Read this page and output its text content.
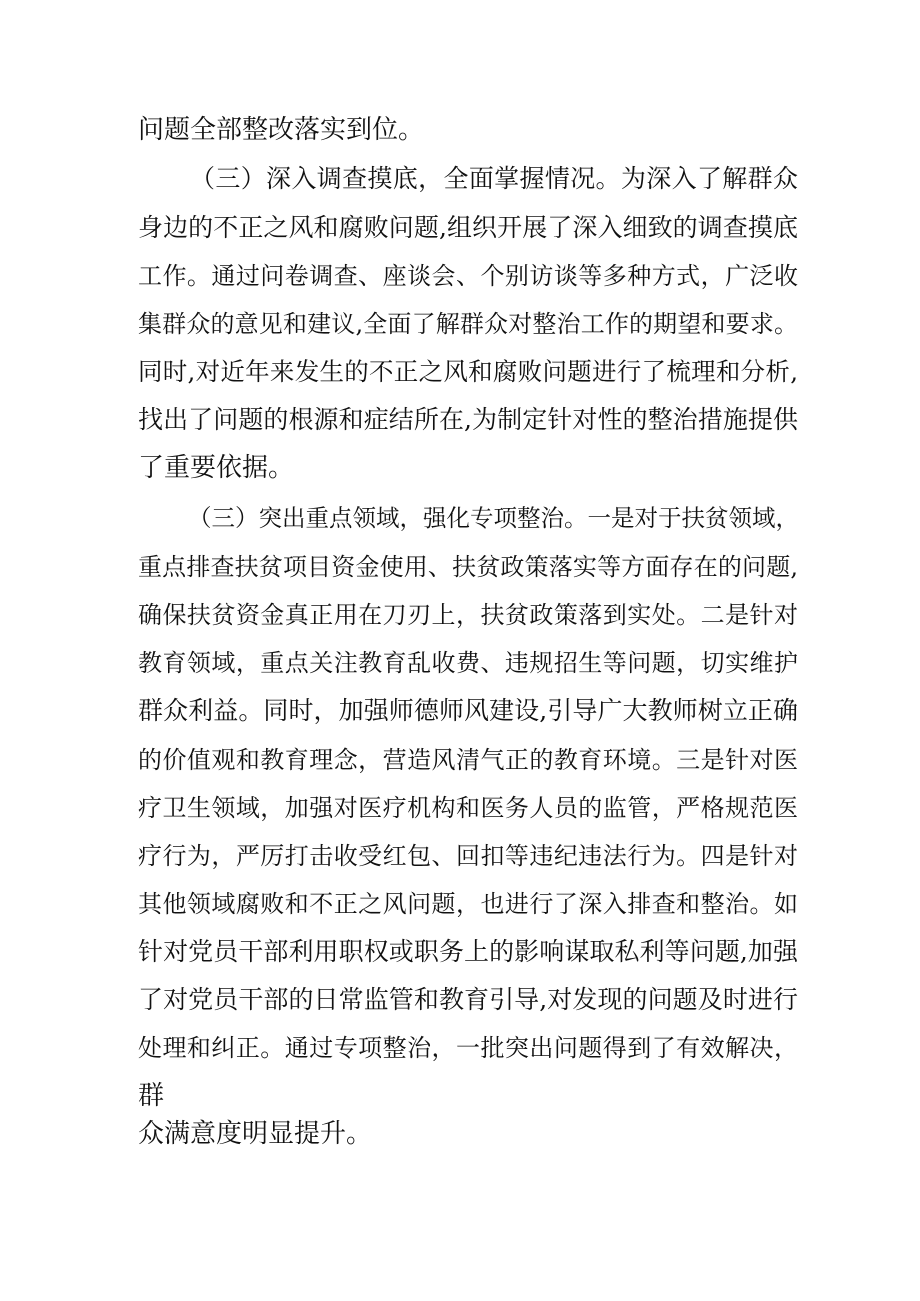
问题全部整改落实到位。
（三）深入调查摸底，全面掌握情况。为深入了解群众
身边的不正之风和腐败问题,组织开展了深入细致的调查摸底
工作。通过问卷调查、座谈会、个别访谈等多种方式，广泛收
集群众的意见和建议,全面了解群众对整治工作的期望和要求。
同时,对近年来发生的不正之风和腐败问题进行了梳理和分析,
找出了问题的根源和症结所在,为制定针对性的整治措施提供
了重要依据。
（三）突出重点领域，强化专项整治。一是对于扶贫领域，
重点排查扶贫项目资金使用、扶贫政策落实等方面存在的问题,
确保扶贫资金真正用在刀刃上，扶贫政策落到实处。二是针对
教育领域，重点关注教育乱收费、违规招生等问题，切实维护
群众利益。同时，加强师德师风建设,引导广大教师树立正确
的价值观和教育理念，营造风清气正的教育环境。三是针对医
疗卫生领域，加强对医疗机构和医务人员的监管，严格规范医
疗行为，严厉打击收受红包、回扣等违纪违法行为。四是针对
其他领域腐败和不正之风问题，也进行了深入排查和整治。如
针对党员干部利用职权或职务上的影响谋取私利等问题,加强
了对党员干部的日常监管和教育引导,对发现的问题及时进行
处理和纠正。通过专项整治，一批突出问题得到了有效解决，
群
众满意度明显提升。
